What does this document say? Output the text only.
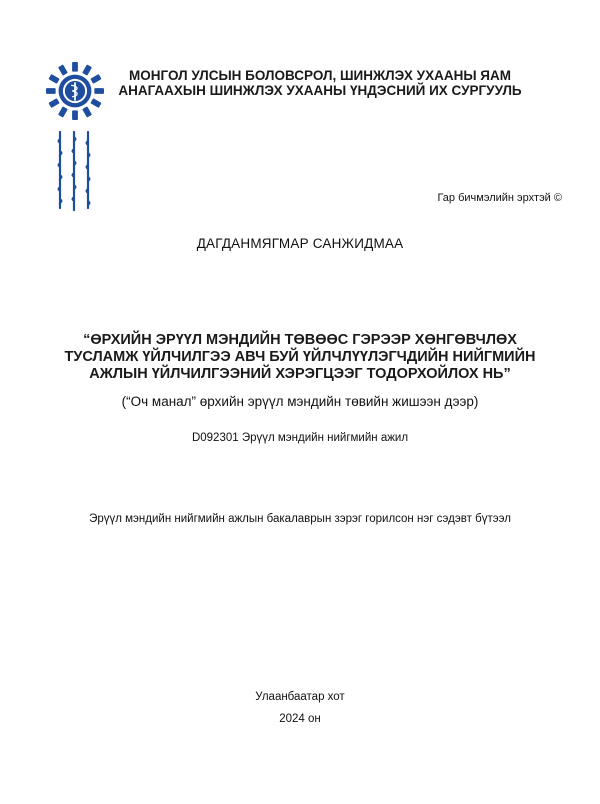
МОНГОЛ УЛСЫН БОЛОВСРОЛ, ШИНЖЛЭХ УХААНЫ ЯАМ
АНАГААХЫН ШИНЖЛЭХ УХААНЫ ҮНДЭСНИЙ ИХ СУРГУУЛЬ
Гар бичмэлийн эрхтэй ©
ДАГДАНМЯГМАР САНЖИДМАА
“ӨРХИЙН ЭРҮҮЛ МЭНДИЙН ТӨВӨӨС ГЭРЭЭР ХӨНГӨВЧЛӨХ
ТУСЛАМЖ ҮЙЛЧИЛГЭЭ АВЧ БУЙ ҮЙЛЧЛҮҮЛЭГЧДИЙН НИЙГМИЙН
АЖЛЫН ҮЙЛЧИЛГЭЭНИЙ ХЭРЭГЦЭЭГ ТОДОРХОЙЛОХ НЬ”
(“Оч манал” өрхийн эрүүл мэндийн төвийн жишээн дээр)
D092301 Эрүүл мэндийн нийгмийн ажил
Эрүүл мэндийн нийгмийн ажлын бакалаврын зэрэг горилсон нэг сэдэвт бүтээл
Улаанбаатар хот
2024 он
